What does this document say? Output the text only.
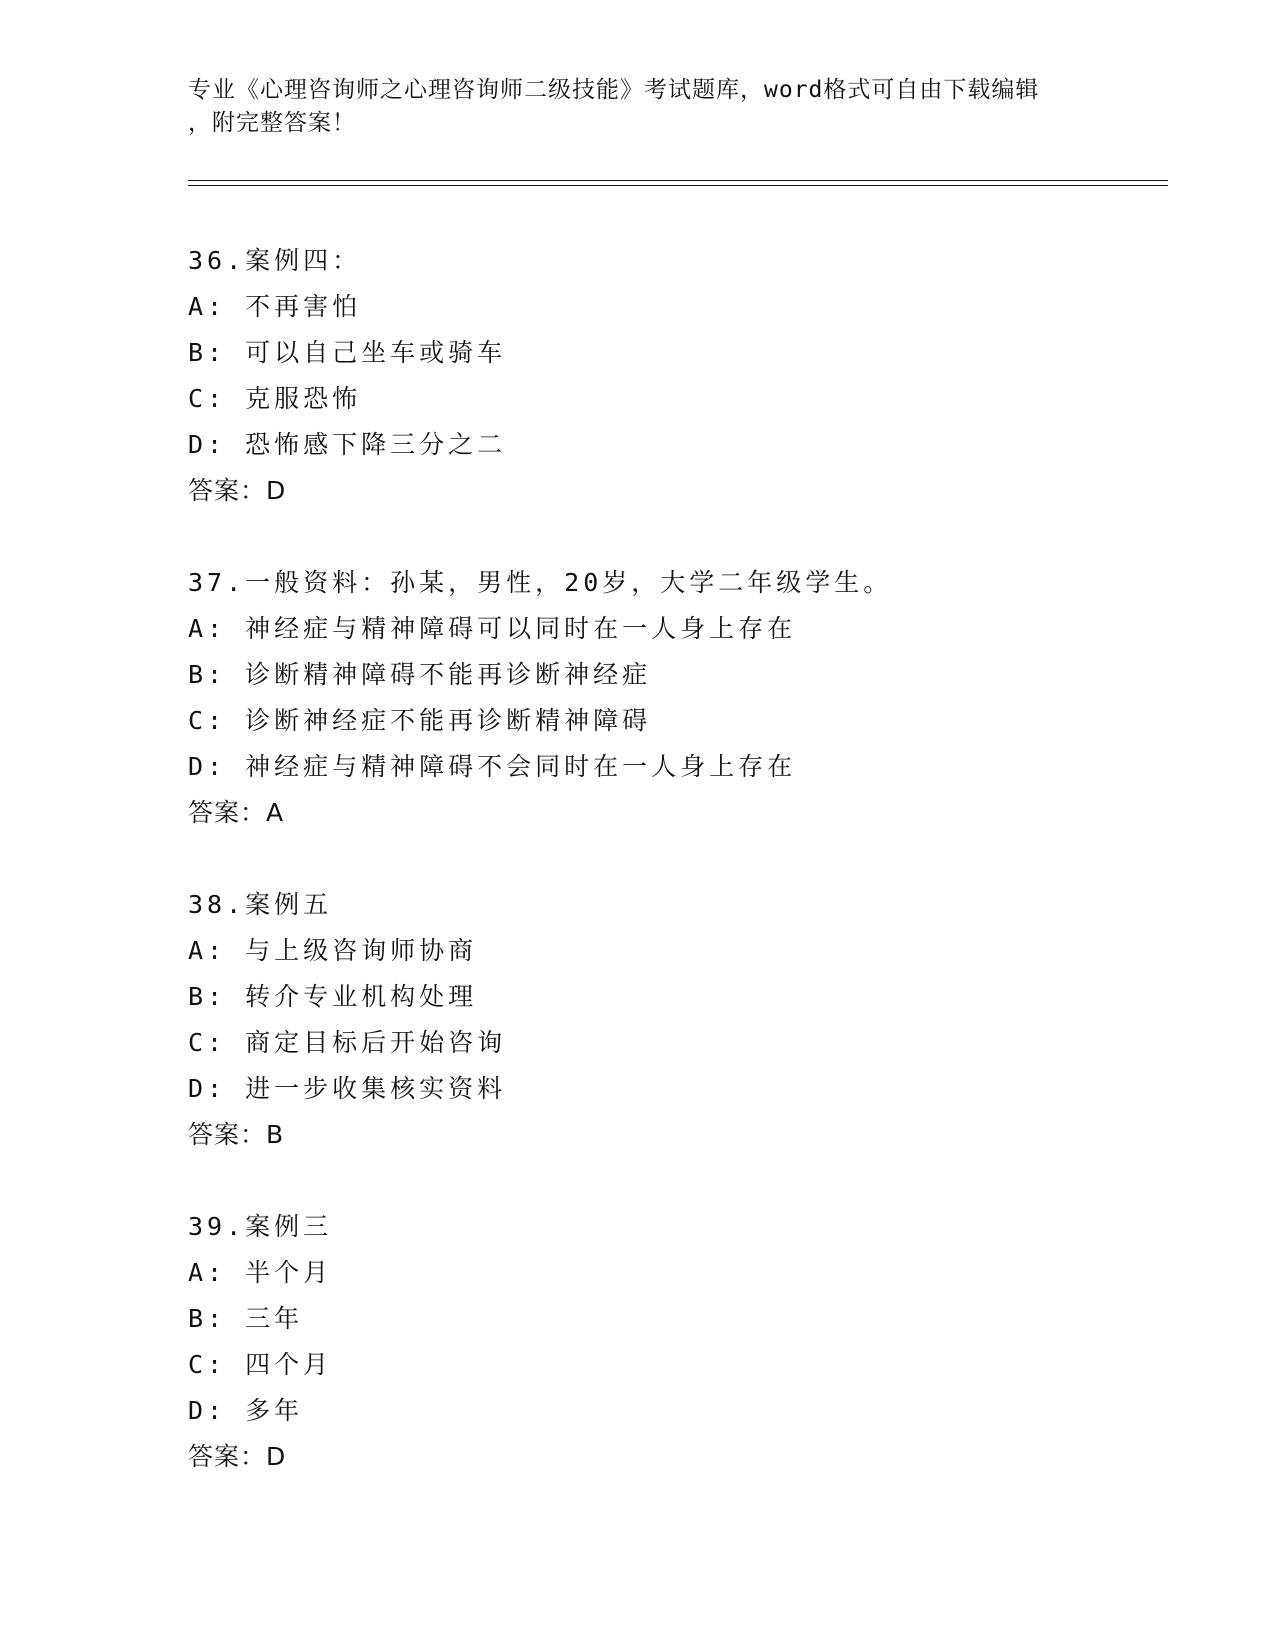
专业《心理咨询师之心理咨询师二级技能》考试题库，word格式可自由下载编辑
，附完整答案！
36.案例四：
A: 不再害怕
B: 可以自己坐车或骑车
C: 克服恐怖
D: 恐怖感下降三分之二
答案：D
37.一般资料：孙某，男性，20岁，大学二年级学生。
A: 神经症与精神障碍可以同时在一人身上存在
B: 诊断精神障碍不能再诊断神经症
C: 诊断神经症不能再诊断精神障碍
D: 神经症与精神障碍不会同时在一人身上存在
答案：A
38.案例五
A: 与上级咨询师协商
B: 转介专业机构处理
C: 商定目标后开始咨询
D: 进一步收集核实资料
答案：B
39.案例三
A: 半个月
B: 三年
C: 四个月
D: 多年
答案：D
